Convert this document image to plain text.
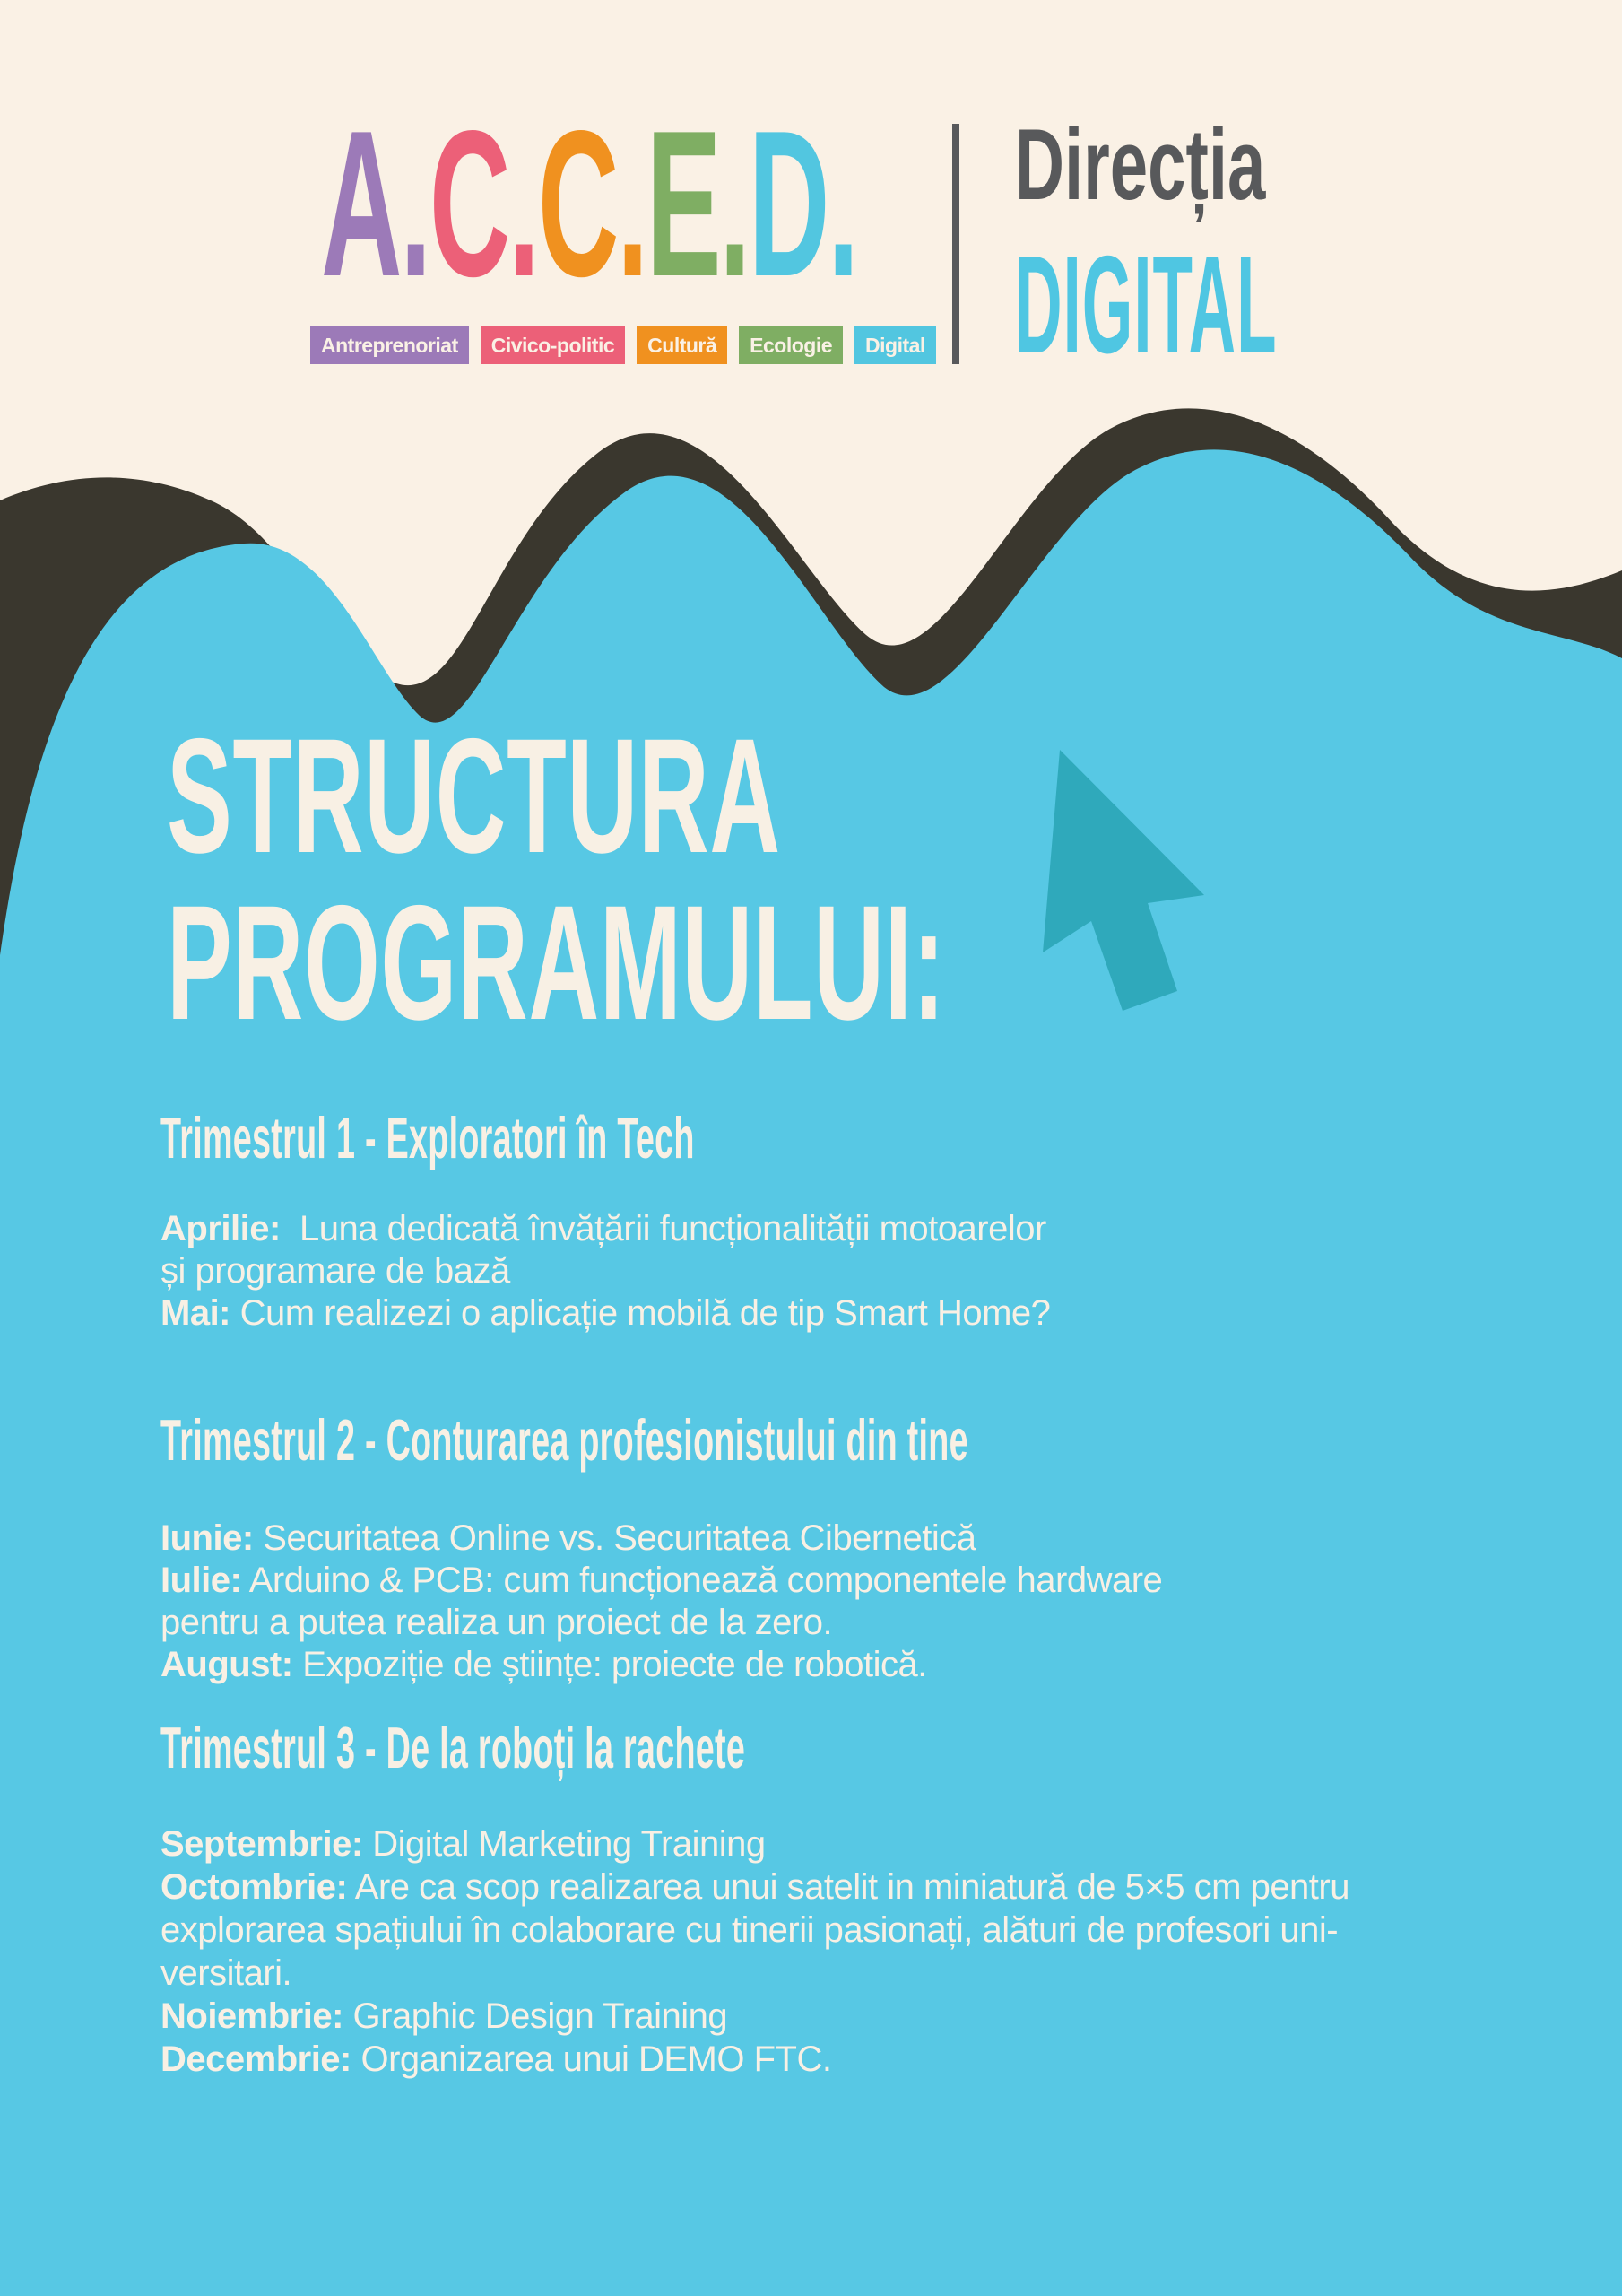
A.C.C.E.D.
Antreprenoriat	Civico-politic	Cultură	Ecologie	Digital
Direcția
DIGITAL
STRUCTURA
PROGRAMULUI:
Trimestrul 1 - Exploratori în Tech
Aprilie:  Luna dedicată învățării funcționalității motoarelor
și programare de bază
Mai: Cum realizezi o aplicație mobilă de tip Smart Home?
Trimestrul 2 - Conturarea profesionistului din tine
Iunie: Securitatea Online vs. Securitatea Cibernetică
Iulie: Arduino & PCB: cum funcționează componentele hardware
pentru a putea realiza un proiect de la zero.
August: Expoziție de științe: proiecte de robotică.
Trimestrul 3 - De la roboți la rachete
Septembrie: Digital Marketing Training
Octombrie: Are ca scop realizarea unui satelit in miniatură de 5×5 cm pentru
explorarea spațiului în colaborare cu tinerii pasionați, alături de profesori uni-
versitari.
Noiembrie: Graphic Design Training
Decembrie: Organizarea unui DEMO FTC.
